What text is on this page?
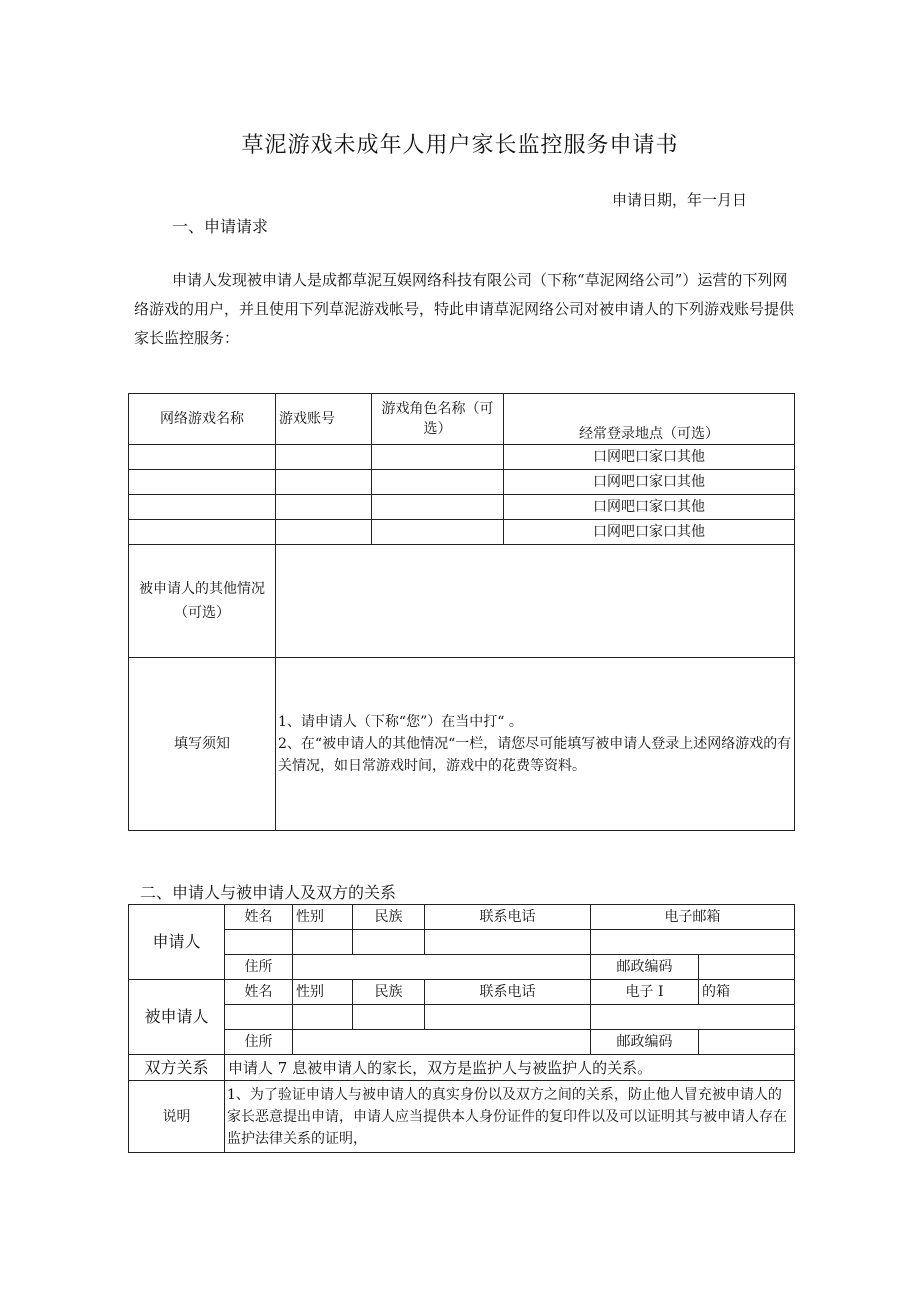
草泥游戏未成年人用户家长监控服务申请书
申请日期，年一月日
一、申请请求

申请人发现被申请人是成都草泥互娱网络科技有限公司（下称“草泥网络公司”）运营的下列网络游戏的用户，并且使用下列草泥游戏帐号，特此申请草泥网络公司对被申请人的下列游戏账号提供家长监控服务：

网络游戏名称	游戏账号	游戏角色名称（可选）	经常登录地点（可选）
			口网吧口家口其他
			口网吧口家口其他
			口网吧口家口其他
			口网吧口家口其他
被申请人的其他情况（可选）			
填写须知	1、请申请人（下称“您”）在当中打“ 。
2、在“被申请人的其他情况“一栏，请您尽可能填写被申请人登录上述网络游戏的有关情况，如日常游戏时间，游戏中的花费等资料。		
二、申请人与被申请人及双方的关系
申请人	姓名	性别	民族	联系电话	电子邮箱	

	住所				邮政编码	
被申请人	姓名	性别	民族	联系电话	电子 I	的箱

	住所				邮政编码	
双方关系	申请人 7 息被申请人的家长，双方是监护人与被监护人的关系。					
说明	1、为了验证申请人与被申请人的真实身份以及双方之间的关系，防止他人冒充被申请人的家长恶意提出申请，申请人应当提供本人身份证件的复印件以及可以证明其与被申请人存在监护法律关系的证明，					
